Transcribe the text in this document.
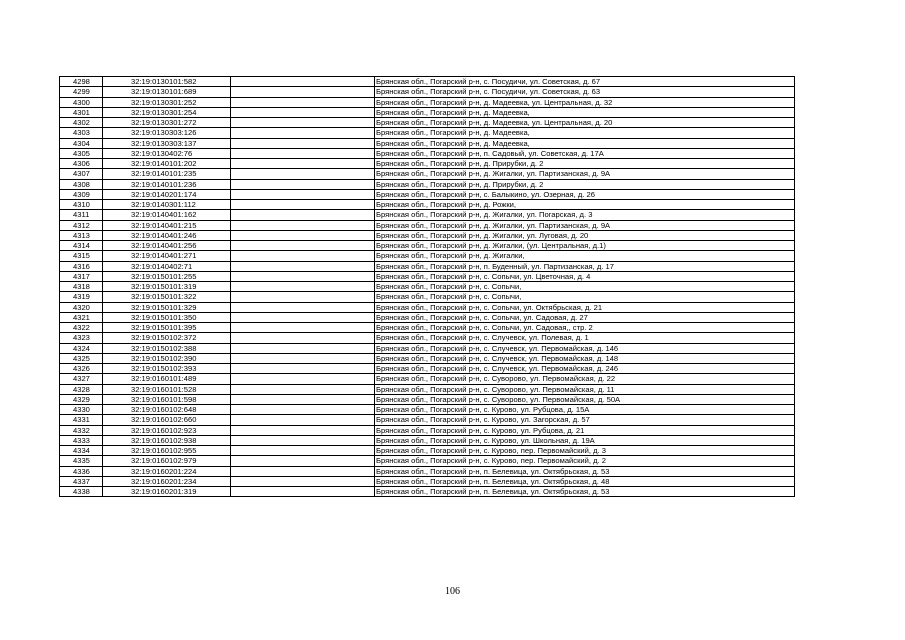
4298	32:19:0130101:582		Брянская обл., Погарский р-н, с. Посудичи, ул. Советская, д. 67
4299	32:19:0130101:689		Брянская обл., Погарский р-н, с. Посудичи, ул. Советская, д. 63
4300	32:19:0130301:252		Брянская обл., Погарский р-н, д. Мадеевка, ул. Центральная, д. 32
4301	32:19:0130301:254		Брянская обл., Погарский р-н, д. Мадеевка,
4302	32:19:0130301:272		Брянская обл., Погарский р-н, д. Мадеевка, ул. Центральная, д. 20
4303	32:19:0130303:126		Брянская обл., Погарский р-н, д. Мадеевка,
4304	32:19:0130303:137		Брянская обл., Погарский р-н, д. Мадеевка,
4305	32:19:0130402:76		Брянская обл., Погарский р-н, п. Садовый, ул. Советская, д. 17А
4306	32:19:0140101:202		Брянская обл., Погарский р-н, д. Прирубки, д. 2
4307	32:19:0140101:235		Брянская обл., Погарский р-н, д. Жигалки, ул. Партизанская, д. 9А
4308	32:19:0140101:236		Брянская обл., Погарский р-н, д. Прирубки, д. 2
4309	32:19:0140201:174		Брянская обл., Погарский р-н, с. Балыкино, ул. Озерная, д. 26
4310	32:19:0140301:112		Брянская обл., Погарский р-н, д. Рожки,
4311	32:19:0140401:162		Брянская обл., Погарский р-н, д. Жигалки, ул. Погарская, д. 3
4312	32:19:0140401:215		Брянская обл., Погарский р-н, д. Жигалки, ул. Партизанская, д. 9А
4313	32:19:0140401:246		Брянская обл., Погарский р-н, д. Жигалки, ул. Луговая, д. 20
4314	32:19:0140401:256		Брянская обл., Погарский р-н, д. Жигалки, (ул. Центральная, д.1)
4315	32:19:0140401:271		Брянская обл., Погарский р-н, д. Жигалки,
4316	32:19:0140402:71		Брянская обл., Погарский р-н, п. Буденный, ул. Партизанская, д. 17
4317	32:19:0150101:255		Брянская обл., Погарский р-н, с. Сопычи, ул. Цветочная, д. 4
4318	32:19:0150101:319		Брянская обл., Погарский р-н, с. Сопычи,
4319	32:19:0150101:322		Брянская обл., Погарский р-н, с. Сопычи,
4320	32:19:0150101:329		Брянская обл., Погарский р-н, с. Сопычи, ул. Октябрьская, д. 21
4321	32:19:0150101:350		Брянская обл., Погарский р-н, с. Сопычи, ул. Садовая, д. 27
4322	32:19:0150101:395		Брянская обл., Погарский р-н, с. Сопычи, ул. Садовая,, стр. 2
4323	32:19:0150102:372		Брянская обл., Погарский р-н, с. Случевск, ул. Полевая, д. 1
4324	32:19:0150102:388		Брянская обл., Погарский р-н, с. Случевск, ул. Первомайская, д. 146
4325	32:19:0150102:390		Брянская обл., Погарский р-н, с. Случевск, ул. Первомайская, д. 148
4326	32:19:0150102:393		Брянская обл., Погарский р-н, с. Случевск, ул. Первомайская, д. 246
4327	32:19:0160101:489		Брянская обл., Погарский р-н, с. Суворово, ул. Первомайская, д. 22
4328	32:19:0160101:528		Брянская обл., Погарский р-н, с. Суворово, ул. Первомайская, д. 11
4329	32:19:0160101:598		Брянская обл., Погарский р-н, с. Суворово, ул. Первомайская, д. 50А
4330	32:19:0160102:648		Брянская обл., Погарский р-н, с. Курово, ул. Рубцова, д. 15А
4331	32:19:0160102:660		Брянская обл., Погарский р-н, с. Курово, ул. Загорская, д. 57
4332	32:19:0160102:923		Брянская обл., Погарский р-н, с. Курово, ул. Рубцова, д. 21
4333	32:19:0160102:938		Брянская обл., Погарский р-н, с. Курово, ул. Школьная, д. 19А
4334	32:19:0160102:955		Брянская обл., Погарский р-н, с. Курово, пер. Первомайский, д. 3
4335	32:19:0160102:979		Брянская обл., Погарский р-н, с. Курово, пер. Первомайский, д. 2
4336	32:19:0160201:224		Брянская обл., Погарский р-н, п. Белевица, ул. Октябрьская, д. 53
4337	32:19:0160201:234		Брянская обл., Погарский р-н, п. Белевица, ул. Октябрьская, д. 48
4338	32:19:0160201:319		Брянская обл., Погарский р-н, п. Белевица, ул. Октябрьская, д. 53
106
